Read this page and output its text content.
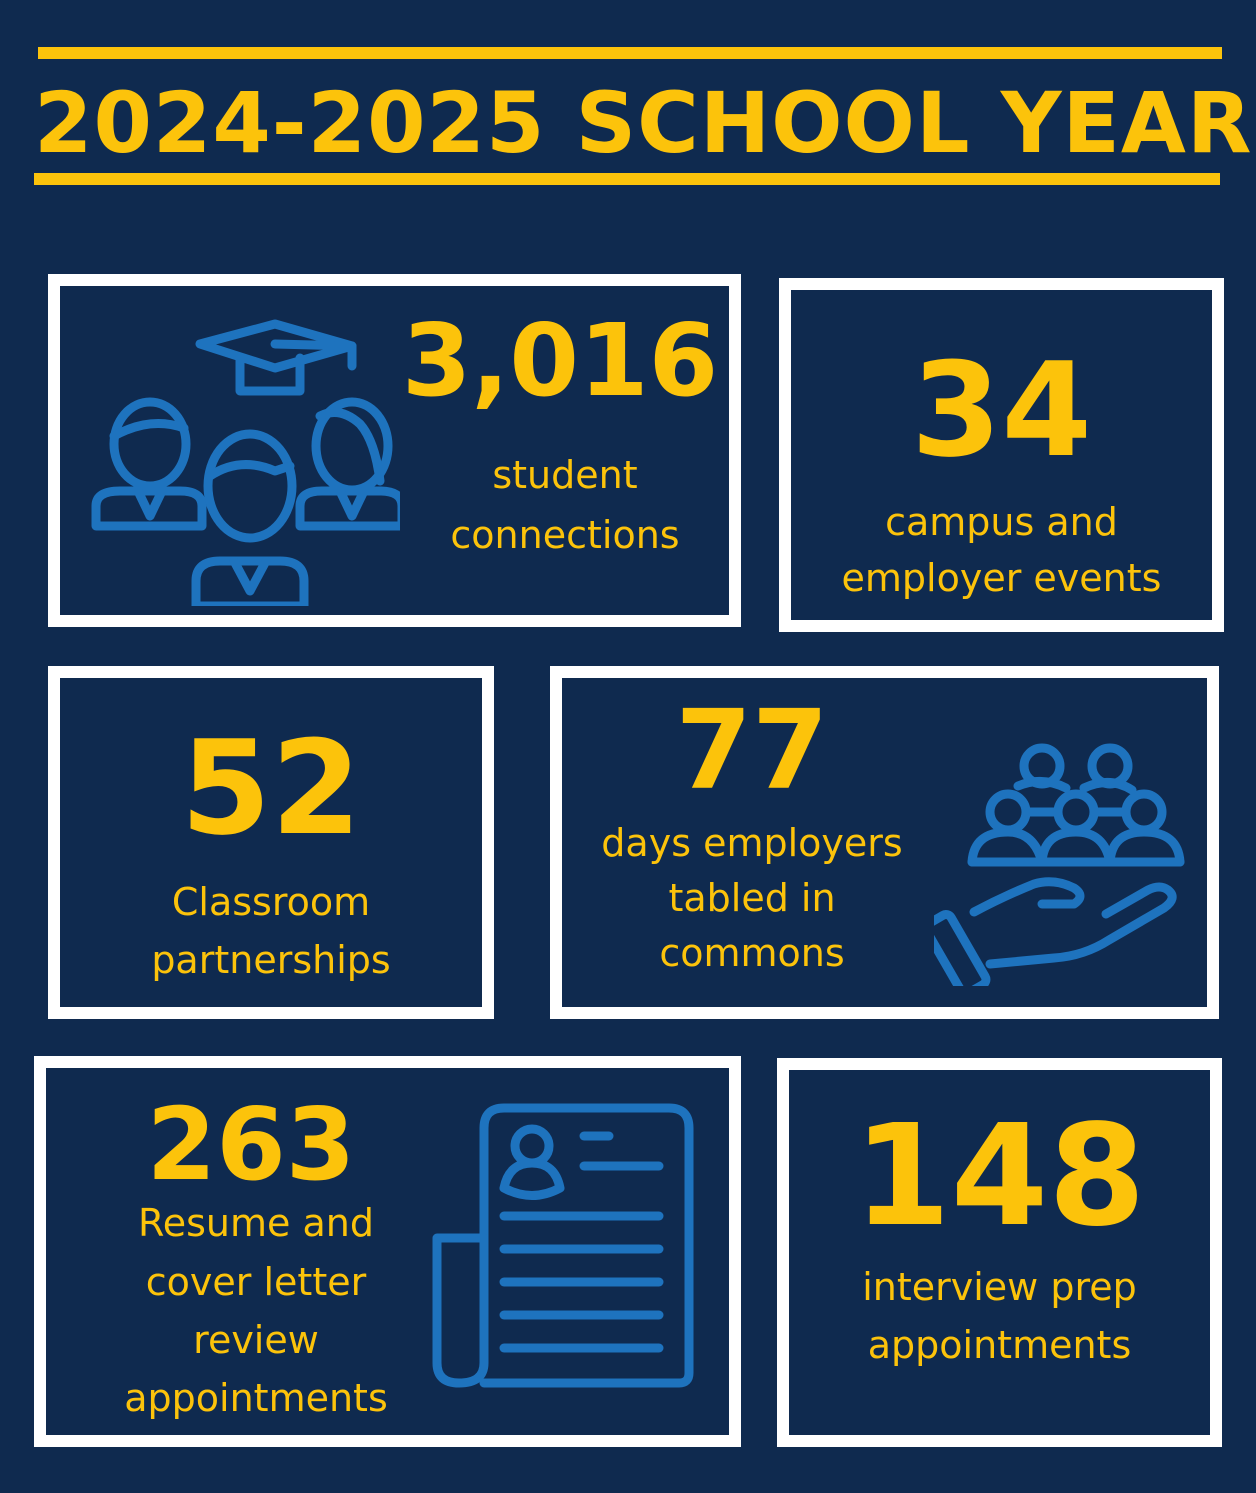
2024-2025 SCHOOL YEAR
3,016
student
connections
34
campus and
employer events
52
Classroom
partnerships
77
days employers
tabled in
commons
263
Resume and
cover letter
review
appointments
148
interview prep
appointments
